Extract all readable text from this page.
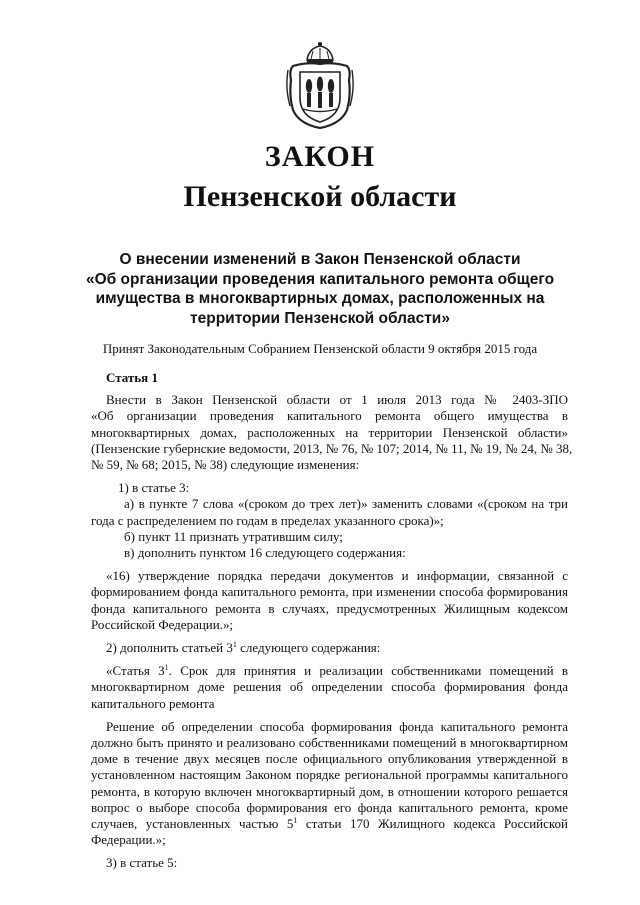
ЗАКОН
Пензенской области
О внесении изменений в Закон Пензенской области
«Об организации проведения капитального ремонта общего
имущества в многоквартирных домах, расположенных на
территории Пензенской области»
Принят Законодательным Собранием Пензенской области 9 октября 2015 года
Статья 1
Внести в Закон Пензенской области от 1 июля 2013 года № 2403-ЗПО
«Об организации проведения капитального ремонта общего имущества в
многоквартирных домах, расположенных на территории Пензенской области»
(Пензенские губернские ведомости, 2013, № 76, № 107; 2014, № 11, № 19, № 24, № 38,
№ 59, № 68; 2015, № 38) следующие изменения:
1) в статье 3:
а) в пункте 7 слова «(сроком до трех лет)» заменить словами «(сроком на три
года с распределением по годам в пределах указанного срока)»;
б) пункт 11 признать утратившим силу;
в) дополнить пунктом 16 следующего содержания:
«16) утверждение порядка передачи документов и информации, связанной с
формированием фонда капитального ремонта, при изменении способа формирования
фонда капитального ремонта в случаях, предусмотренных Жилищным кодексом
Российской Федерации.»;
2) дополнить статьей $3^1$ следующего содержания:
«Статья $3^1$. Срок для принятия и реализации собственниками помещений в
многоквартирном доме решения об определении способа формирования фонда
капитального ремонта
Решение об определении способа формирования фонда капитального ремонта
должно быть принято и реализовано собственниками помещений в многоквартирном
доме в течение двух месяцев после официального опубликования утвержденной в
установленном настоящим Законом порядке региональной программы капитального
ремонта, в которую включен многоквартирный дом, в отношении которого решается
вопрос о выборе способа формирования его фонда капитального ремонта, кроме
случаев, установленных частью $5^1$ статьи 170 Жилищного кодекса Российской
Федерации.»;
3) в статье 5:
